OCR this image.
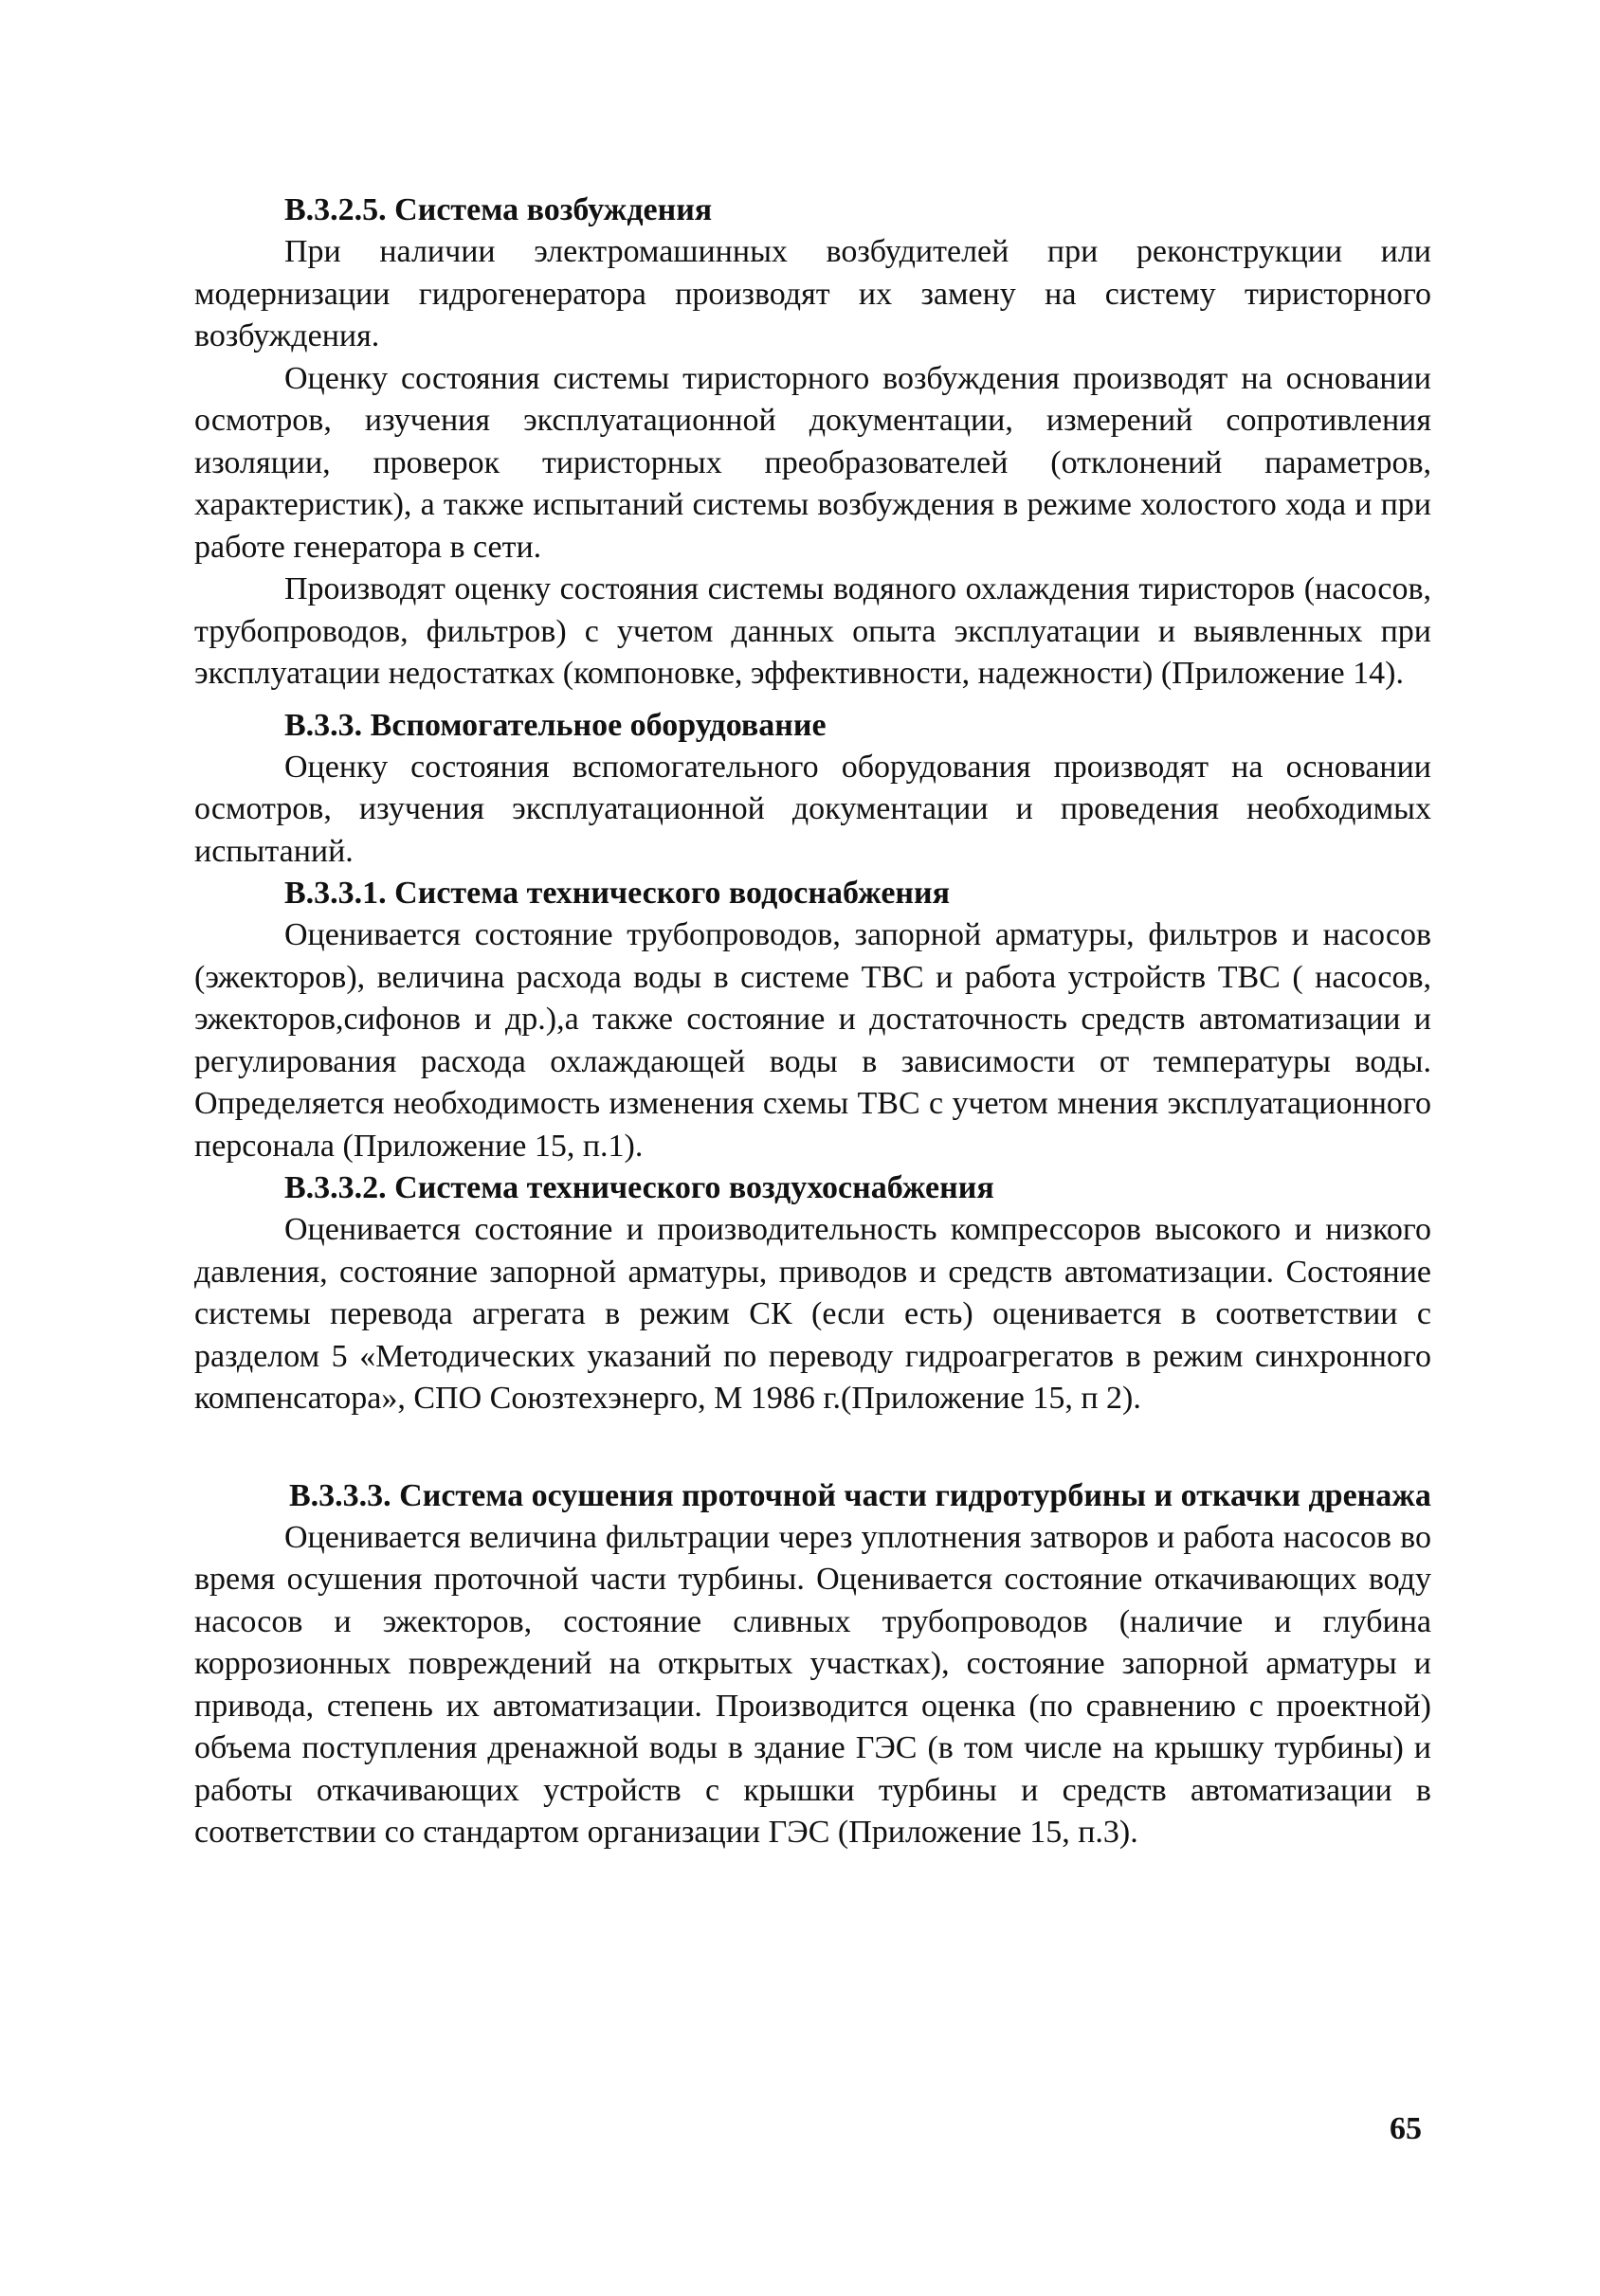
В.3.2.5. Система возбуждения

При наличии электромашинных возбудителей при реконструкции или модернизации гидрогенератора производят их замену на систему тиристорного возбуждения.

Оценку состояния системы тиристорного возбуждения производят на основании осмотров, изучения эксплуатационной документации, измерений сопротивления изоляции, проверок тиристорных преобразователей (отклонений параметров, характеристик), а также испытаний системы возбуждения в режиме холостого хода и при работе генератора в сети.

Производят оценку состояния системы водяного охлаждения тиристоров (насосов, трубопроводов, фильтров) с учетом данных опыта эксплуатации и выявленных при эксплуатации недостатках (компоновке, эффективности, надежности) (Приложение 14).

В.3.3. Вспомогательное оборудование

Оценку состояния вспомогательного оборудования производят на основании осмотров, изучения эксплуатационной документации и проведения необходимых испытаний.

В.3.3.1. Система технического водоснабжения

Оценивается состояние трубопроводов, запорной арматуры, фильтров и насосов (эжекторов), величина расхода воды в системе ТВС и работа устройств ТВС ( насосов, эжекторов,сифонов и др.),а также состояние и достаточность средств автоматизации и регулирования расхода охлаждающей воды в зависимости от температуры воды. Определяется необходимость изменения схемы ТВС с учетом мнения эксплуатационного персонала (Приложение 15, п.1).

В.3.3.2. Система технического воздухоснабжения

Оценивается состояние и производительность компрессоров высокого и низкого давления, состояние запорной арматуры, приводов и средств автоматизации. Состояние системы перевода агрегата в режим СК (если есть) оценивается в соответствии с разделом 5 «Методических указаний по переводу гидроагрегатов в режим синхронного компенсатора», СПО Союзтехэнерго, М 1986 г.(Приложение 15, п 2).

В.3.3.3. Система осушения проточной части гидротурбины и откачки дренажа

Оценивается величина фильтрации через уплотнения затворов и работа насосов во время осушения проточной части турбины. Оценивается состояние откачивающих воду насосов и эжекторов, состояние сливных трубопроводов (наличие и глубина коррозионных повреждений на открытых участках), состояние запорной арматуры и привода, степень их автоматизации. Производится оценка (по сравнению с проектной) объема поступления дренажной воды в здание ГЭС (в том числе на крышку турбины) и работы откачивающих устройств с крышки турбины и средств автоматизации в соответствии со стандартом организации ГЭС (Приложение 15, п.3).

65
